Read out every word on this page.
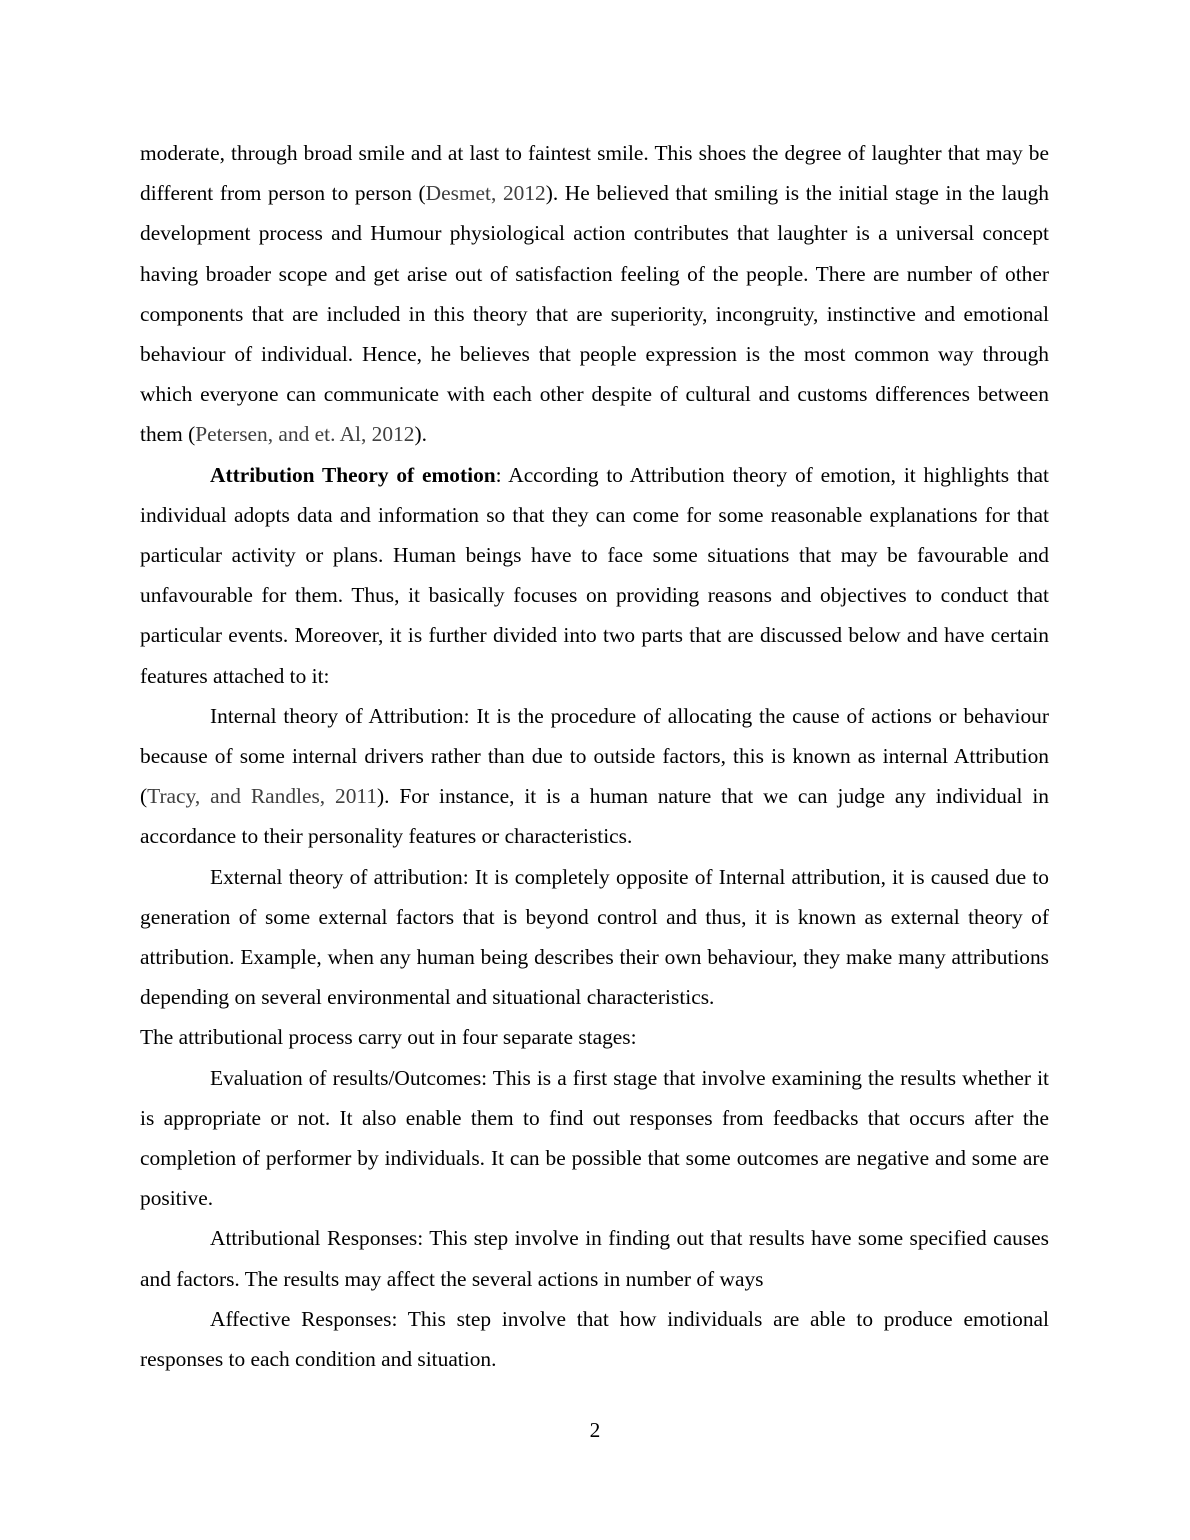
moderate, through broad smile and at last to faintest smile. This shoes the degree of laughter that may be different from person to person (Desmet, 2012). He believed that smiling is the initial stage in the laugh development process and Humour physiological action contributes that laughter is a universal concept having broader scope and get arise out of satisfaction feeling of the people. There are number of other components that are included in this theory that are superiority, incongruity, instinctive and emotional behaviour of individual. Hence, he believes that people expression is the most common way through which everyone can communicate with each other despite of cultural and customs differences between them (Petersen, and et. Al, 2012).

Attribution Theory of emotion: According to Attribution theory of emotion, it highlights that individual adopts data and information so that they can come for some reasonable explanations for that particular activity or plans. Human beings have to face some situations that may be favourable and unfavourable for them. Thus, it basically focuses on providing reasons and objectives to conduct that particular events. Moreover, it is further divided into two parts that are discussed below and have certain features attached to it:

Internal theory of Attribution: It is the procedure of allocating the cause of actions or behaviour because of some internal drivers rather than due to outside factors, this is known as internal Attribution (Tracy, and Randles, 2011). For instance, it is a human nature that we can judge any individual in accordance to their personality features or characteristics.

External theory of attribution: It is completely opposite of Internal attribution, it is caused due to generation of some external factors that is beyond control and thus, it is known as external theory of attribution. Example, when any human being describes their own behaviour, they make many attributions depending on several environmental and situational characteristics.

The attributional process carry out in four separate stages:

Evaluation of results/Outcomes: This is a first stage that involve examining the results whether it is appropriate or not. It also enable them to find out responses from feedbacks that occurs after the completion of performer by individuals. It can be possible that some outcomes are negative and some are positive.

Attributional Responses: This step involve in finding out that results have some specified causes and factors. The results may affect the several actions in number of ways

Affective Responses: This step involve that how individuals are able to produce emotional responses to each condition and situation.

2
